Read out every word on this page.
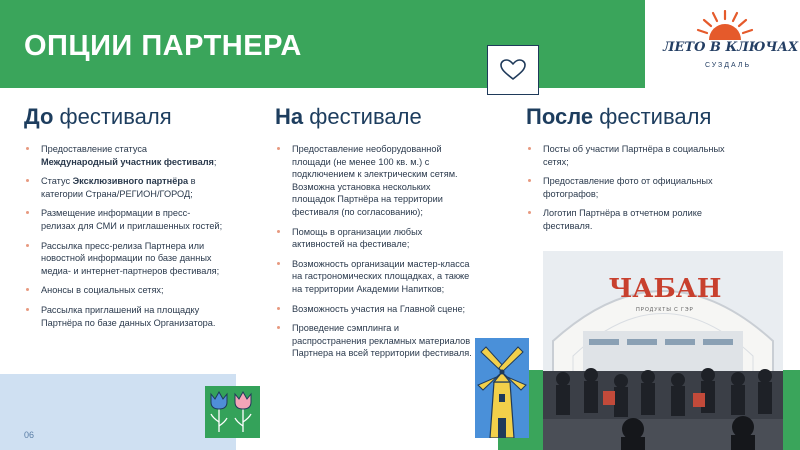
ОПЦИИ ПАРТНЕРА	ЛЕТО В КЛЮЧАХ
СУЗДАЛЬ
До фестиваля
Предоставление статуса Международный участник фестиваля;
Статус Эксклюзивного партнёра в категории Страна/РЕГИОН/ГОРОД;
Размещение информации в пресс-релизах для СМИ и приглашенных гостей;
Рассылка пресс-релиза Партнера или новостной информации по базе данных медиа- и интернет-партнеров фестиваля;
Анонсы в социальных сетях;
Рассылка приглашений на площадку Партнёра по базе данных Организатора.
На фестивале
Предоставление необорудованной площади (не менее 100 кв. м.) с подключением к электрическим сетям. Возможна установка нескольких площадок Партнёра на территории фестиваля (по согласованию);
Помощь в организации любых активностей на фестивале;
Возможность организации мастер-класса на гастрономических площадках, а также на территории Академии Напитков;
Возможность участия на Главной сцене;
Проведение сэмплинга и распространения рекламных материалов Партнера на всей территории фестиваля.
После фестиваля
Посты об участии Партнёра в социальных сетях;
Предоставление фото от официальных фотографов;
Логотип Партнёра в отчетном ролике фестиваля.
ЧАБАН
ПРОДУКТЫ С ГЭР
06
